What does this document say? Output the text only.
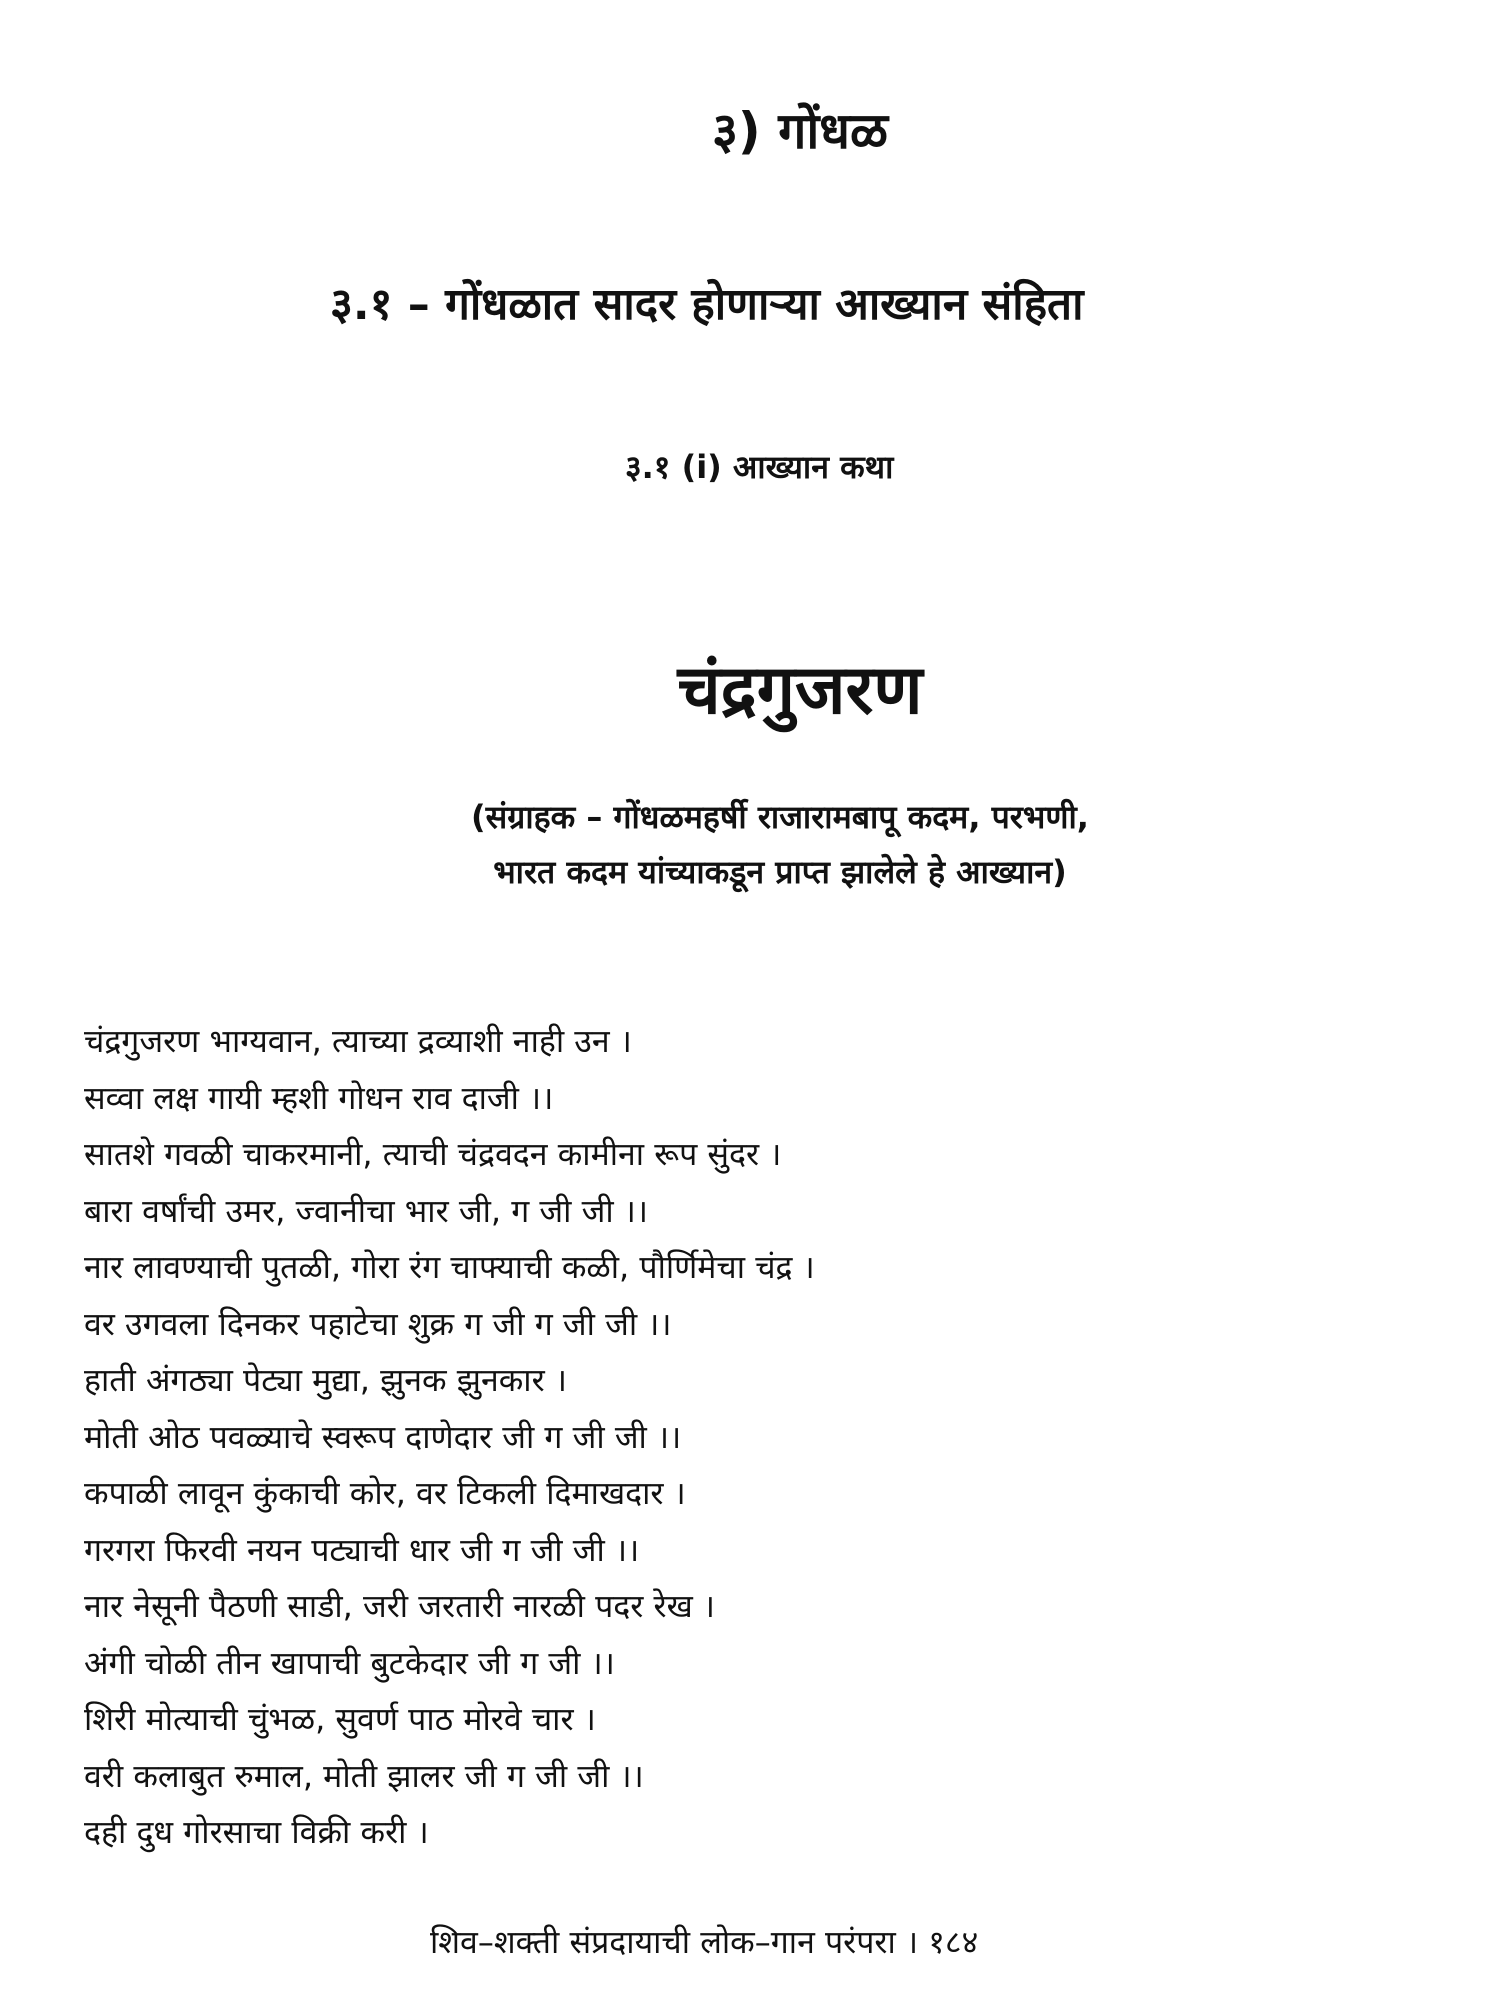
३) गोंधळ
३.१ – गोंधळात सादर होणाऱ्या आख्यान संहिता
३.१ (i) आख्यान कथा
चंद्रगुजरण
(संग्राहक – गोंधळमहर्षी राजारामबापू कदम, परभणी,
भारत कदम यांच्याकडून प्राप्त झालेले हे आख्यान)
चंद्रगुजरण भाग्यवान, त्याच्या द्रव्याशी नाही उन ।
सव्वा लक्ष गायी म्हशी गोधन राव दाजी ।।
सातशे गवळी चाकरमानी, त्याची चंद्रवदन कामीना रूप सुंदर ।
बारा वर्षांची उमर, ज्वानीचा भार जी, ग जी जी ।।
नार लावण्याची पुतळी, गोरा रंग चाफ्याची कळी, पौर्णिमेचा चंद्र ।
वर उगवला दिनकर पहाटेचा शुक्र ग जी ग जी जी ।।
हाती अंगठ्या पेट्या मुद्या, झुनक झुनकार ।
मोती ओठ पवळ्याचे स्वरूप दाणेदार जी ग जी जी ।।
कपाळी लावून कुंकाची कोर, वर टिकली दिमाखदार ।
गरगरा फिरवी नयन पट्याची धार जी ग जी जी ।।
नार नेसूनी पैठणी साडी, जरी जरतारी नारळी पदर रेख ।
अंगी चोळी तीन खापाची बुटकेदार जी ग जी ।।
शिरी मोत्याची चुंभळ, सुवर्ण पाठ मोरवे चार ।
वरी कलाबुत रुमाल, मोती झालर जी ग जी जी ।।
दही दुध गोरसाचा विक्री करी ।
शिव–शक्ती संप्रदायाची लोक–गान परंपरा । १८४
